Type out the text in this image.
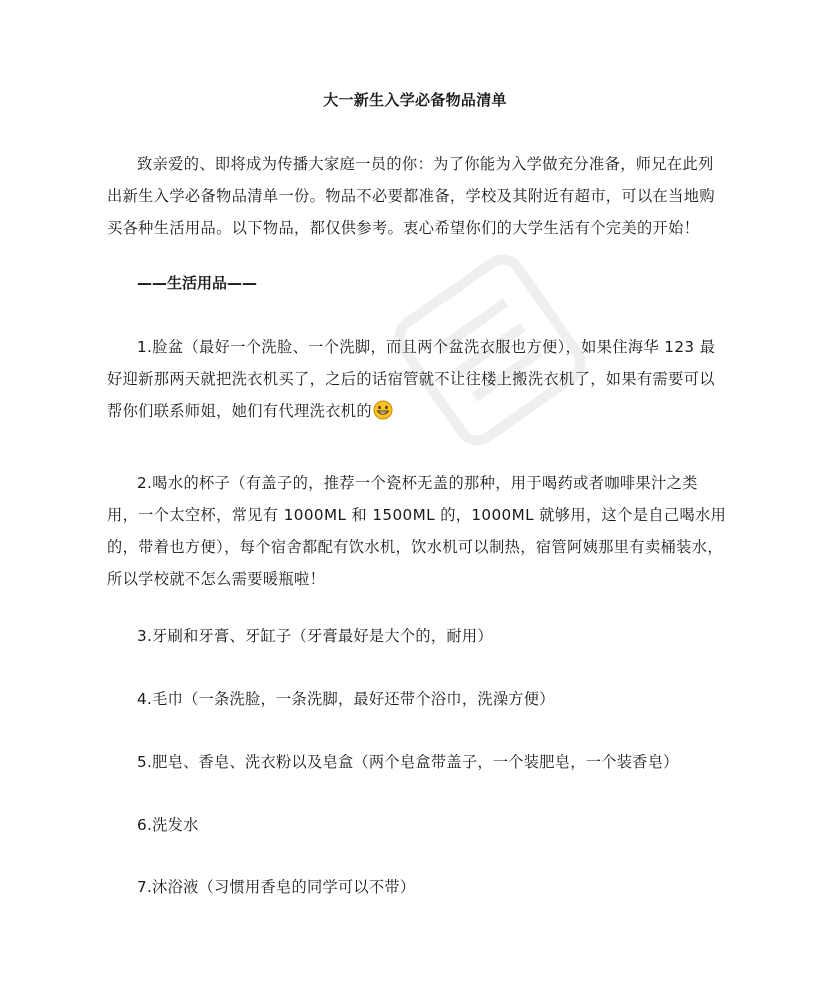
大一新生入学必备物品清单

致亲爱的、即将成为传播大家庭一员的你：为了你能为入学做充分准备，师兄在此列出新生入学必备物品清单一份。物品不必要都准备，学校及其附近有超市，可以在当地购买各种生活用品。以下物品，都仅供参考。衷心希望你们的大学生活有个完美的开始！

——生活用品——

1.脸盆（最好一个洗脸、一个洗脚，而且两个盆洗衣服也方便），如果住海华 123 最好迎新那两天就把洗衣机买了，之后的话宿管就不让往楼上搬洗衣机了，如果有需要可以帮你们联系师姐，她们有代理洗衣机的

2.喝水的杯子（有盖子的，推荐一个瓷杯无盖的那种，用于喝药或者咖啡果汁之类用，一个太空杯，常见有 1000ML 和 1500ML 的，1000ML 就够用，这个是自己喝水用的，带着也方便），每个宿舍都配有饮水机，饮水机可以制热，宿管阿姨那里有卖桶装水，所以学校就不怎么需要暖瓶啦！

3.牙刷和牙膏、牙缸子（牙膏最好是大个的，耐用）
4.毛巾（一条洗脸，一条洗脚，最好还带个浴巾，洗澡方便）
5.肥皂、香皂、洗衣粉以及皂盒（两个皂盒带盖子，一个装肥皂，一个装香皂）
6.洗发水
7.沐浴液（习惯用香皂的同学可以不带）
